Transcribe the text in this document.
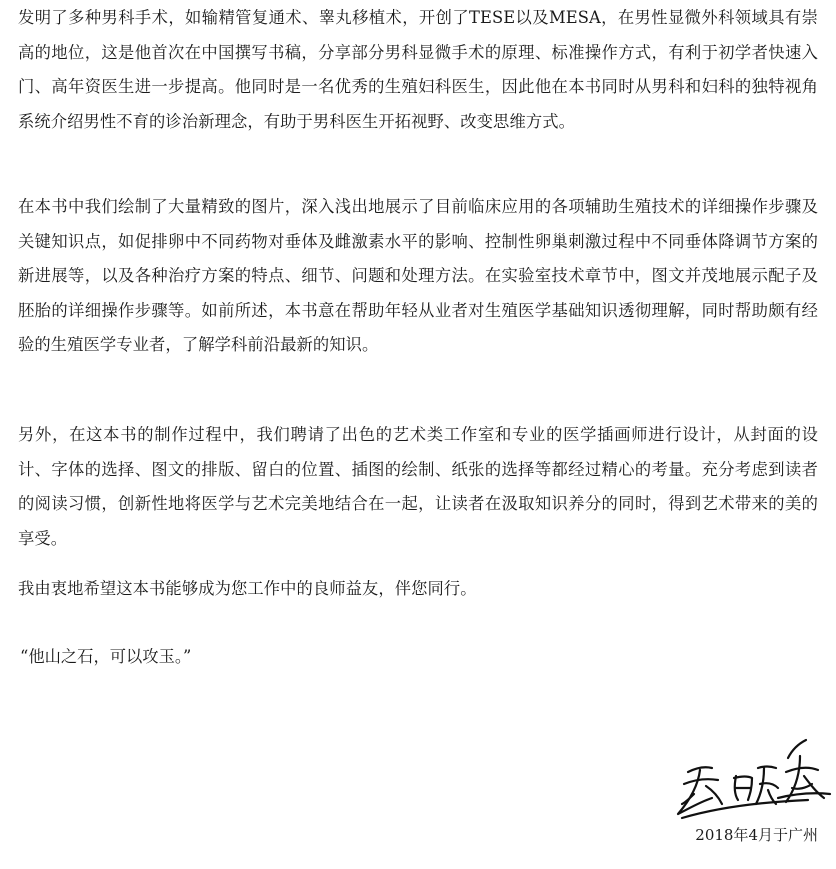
发明了多种男科手术，如输精管复通术、睾丸移植术，开创了TESE以及MESA，在男性显微外科领域具有崇高的地位，这是他首次在中国撰写书稿，分享部分男科显微手术的原理、标准操作方式，有利于初学者快速入门、高年资医生进一步提高。他同时是一名优秀的生殖妇科医生，因此他在本书同时从男科和妇科的独特视角系统介绍男性不育的诊治新理念，有助于男科医生开拓视野、改变思维方式。

在本书中我们绘制了大量精致的图片，深入浅出地展示了目前临床应用的各项辅助生殖技术的详细操作步骤及关键知识点，如促排卵中不同药物对垂体及雌激素水平的影响、控制性卵巢刺激过程中不同垂体降调节方案的新进展等，以及各种治疗方案的特点、细节、问题和处理方法。在实验室技术章节中，图文并茂地展示配子及胚胎的详细操作步骤等。如前所述，本书意在帮助年轻从业者对生殖医学基础知识透彻理解，同时帮助颇有经验的生殖医学专业者，了解学科前沿最新的知识。

另外，在这本书的制作过程中，我们聘请了出色的艺术类工作室和专业的医学插画师进行设计，从封面的设计、字体的选择、图文的排版、留白的位置、插图的绘制、纸张的选择等都经过精心的考量。充分考虑到读者的阅读习惯，创新性地将医学与艺术完美地结合在一起，让读者在汲取知识养分的同时，得到艺术带来的美的享受。

我由衷地希望这本书能够成为您工作中的良师益友，伴您同行。

“他山之石，可以攻玉。”

2018年4月于广州
